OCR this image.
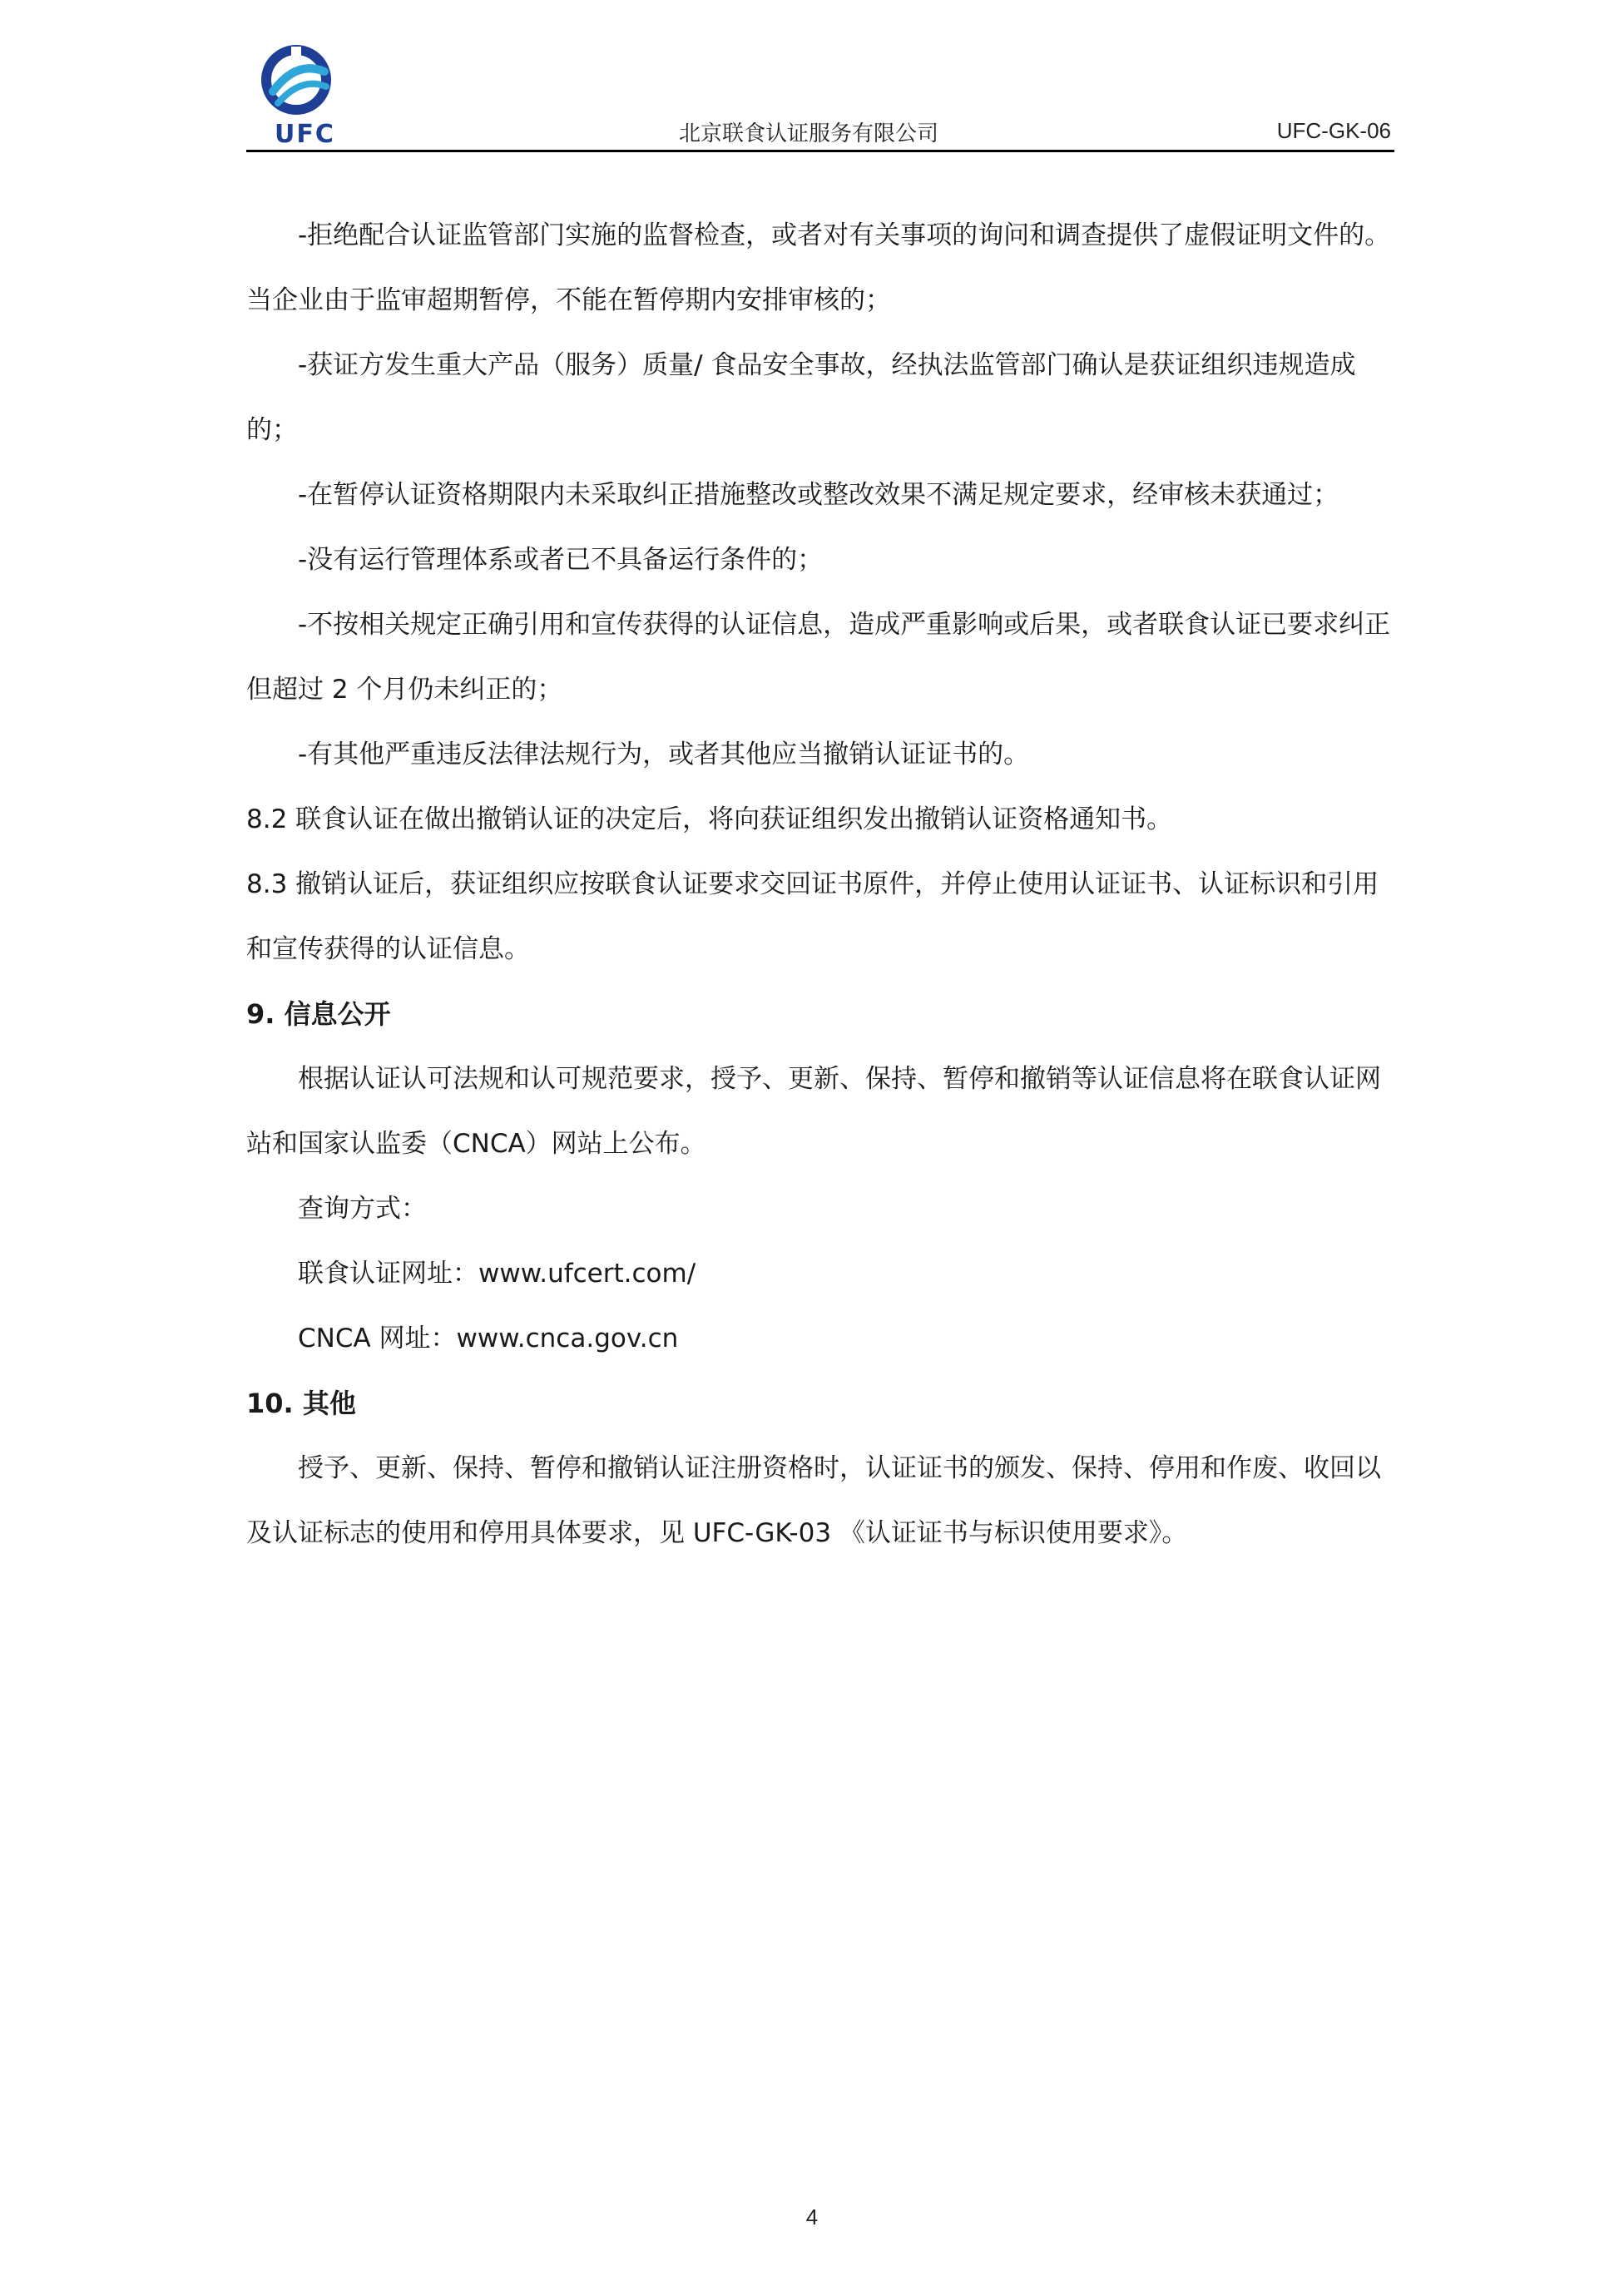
UFC	北京联食认证服务有限公司	UFC-GK-06

-拒绝配合认证监管部门实施的监督检查，或者对有关事项的询问和调查提供了虚假证明文件的。当企业由于监审超期暂停，不能在暂停期内安排审核的；

-获证方发生重大产品（服务）质量/ 食品安全事故，经执法监管部门确认是获证组织违规造成的；

-在暂停认证资格期限内未采取纠正措施整改或整改效果不满足规定要求，经审核未获通过；

-没有运行管理体系或者已不具备运行条件的；

-不按相关规定正确引用和宣传获得的认证信息，造成严重影响或后果，或者联食认证已要求纠正但超过 2 个月仍未纠正的；

-有其他严重违反法律法规行为，或者其他应当撤销认证证书的。

8.2 联食认证在做出撤销认证的决定后，将向获证组织发出撤销认证资格通知书。

8.3 撤销认证后，获证组织应按联食认证要求交回证书原件，并停止使用认证证书、认证标识和引用和宣传获得的认证信息。

9. 信息公开

根据认证认可法规和认可规范要求，授予、更新、保持、暂停和撤销等认证信息将在联食认证网站和国家认监委（CNCA）网站上公布。

查询方式：

联食认证网址：www.ufcert.com/

CNCA 网址：www.cnca.gov.cn

10. 其他

授予、更新、保持、暂停和撤销认证注册资格时，认证证书的颁发、保持、停用和作废、收回以及认证标志的使用和停用具体要求，见 UFC-GK-03 《认证证书与标识使用要求》。

4
